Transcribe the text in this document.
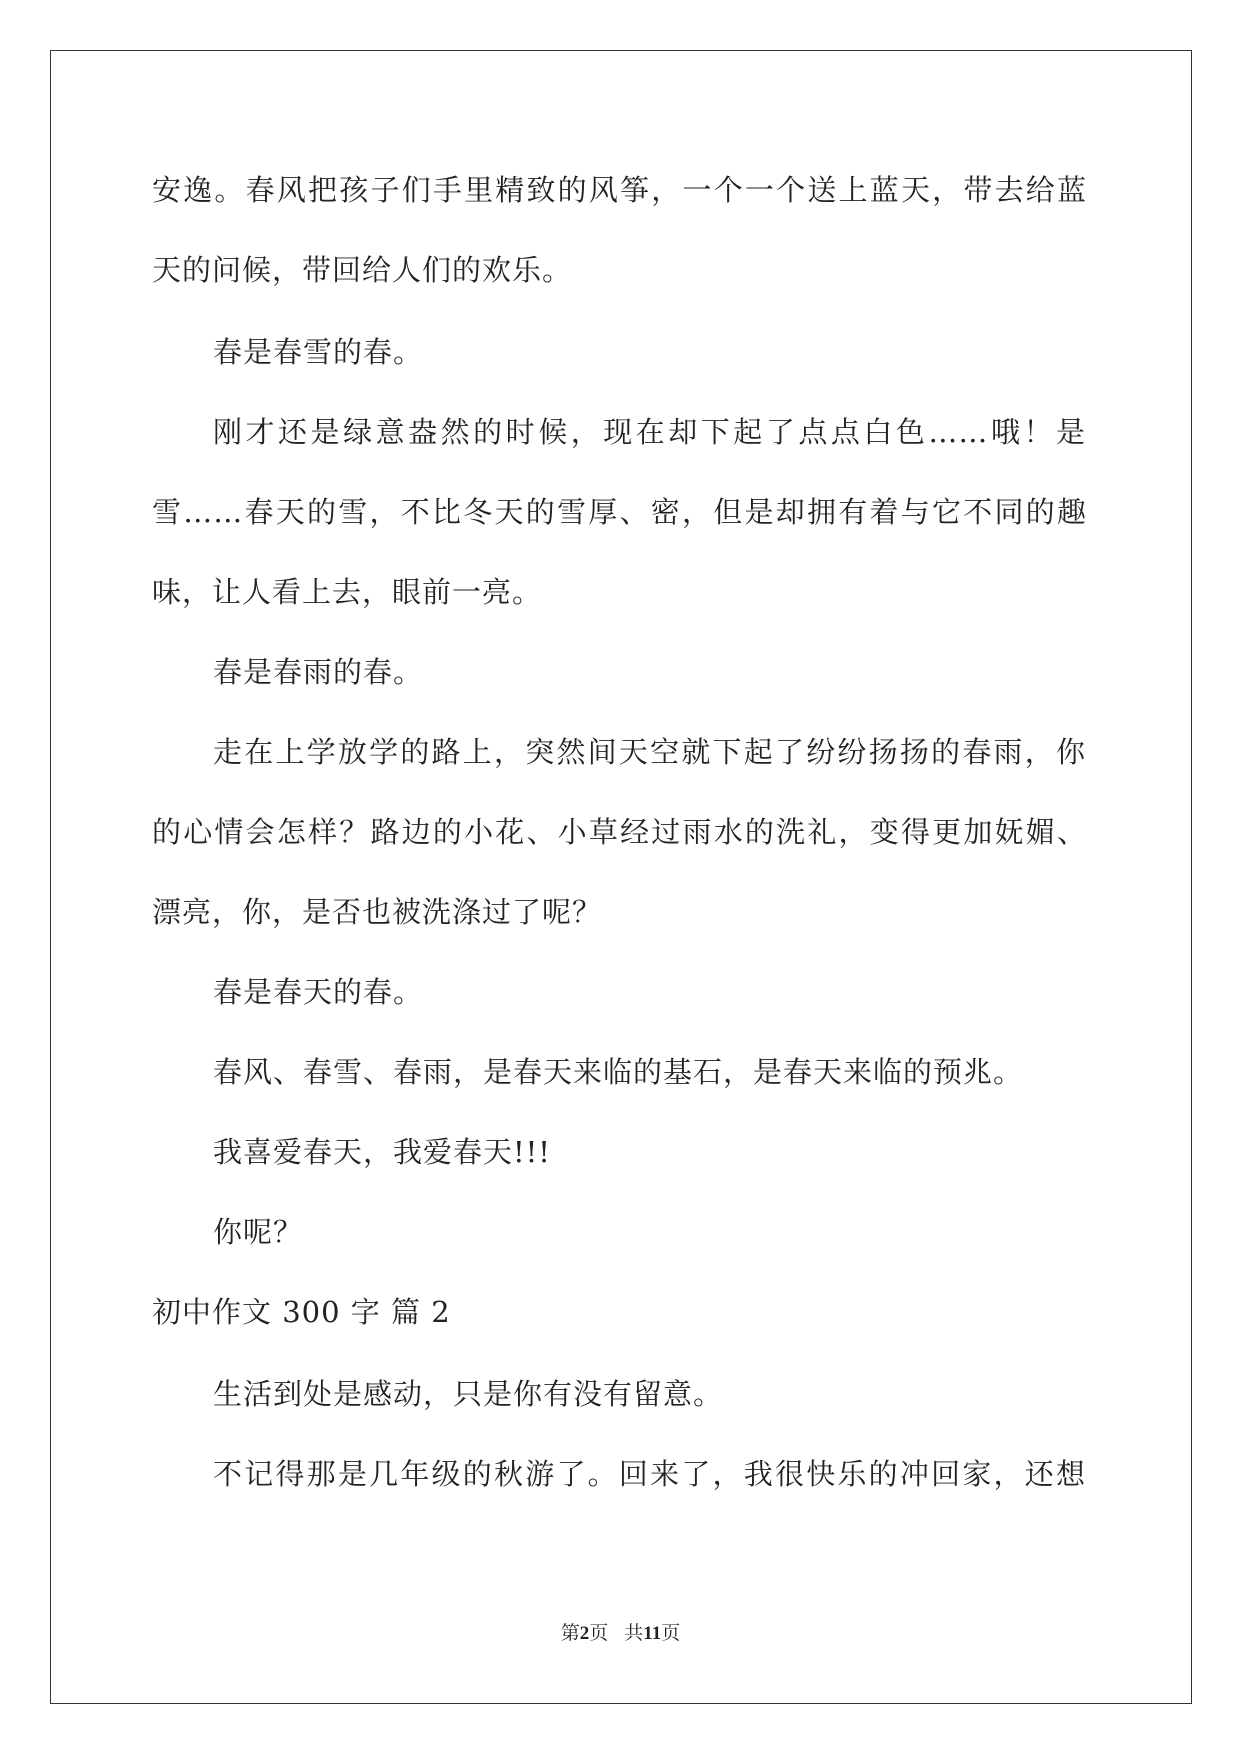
安逸。春风把孩子们手里精致的风筝，一个一个送上蓝天，带去给蓝
天的问候，带回给人们的欢乐。
春是春雪的春。
刚才还是绿意盎然的时候，现在却下起了点点白色……哦！是
雪……春天的雪，不比冬天的雪厚、密，但是却拥有着与它不同的趣
味，让人看上去，眼前一亮。
春是春雨的春。
走在上学放学的路上，突然间天空就下起了纷纷扬扬的春雨，你
的心情会怎样？路边的小花、小草经过雨水的洗礼，变得更加妩媚、
漂亮，你，是否也被洗涤过了呢？
春是春天的春。
春风、春雪、春雨，是春天来临的基石，是春天来临的预兆。
我喜爱春天，我爱春天!!!
你呢？
初中作文 300 字 篇 2
生活到处是感动，只是你有没有留意。
不记得那是几年级的秋游了。回来了，我很快乐的冲回家，还想
第2页 共11页
